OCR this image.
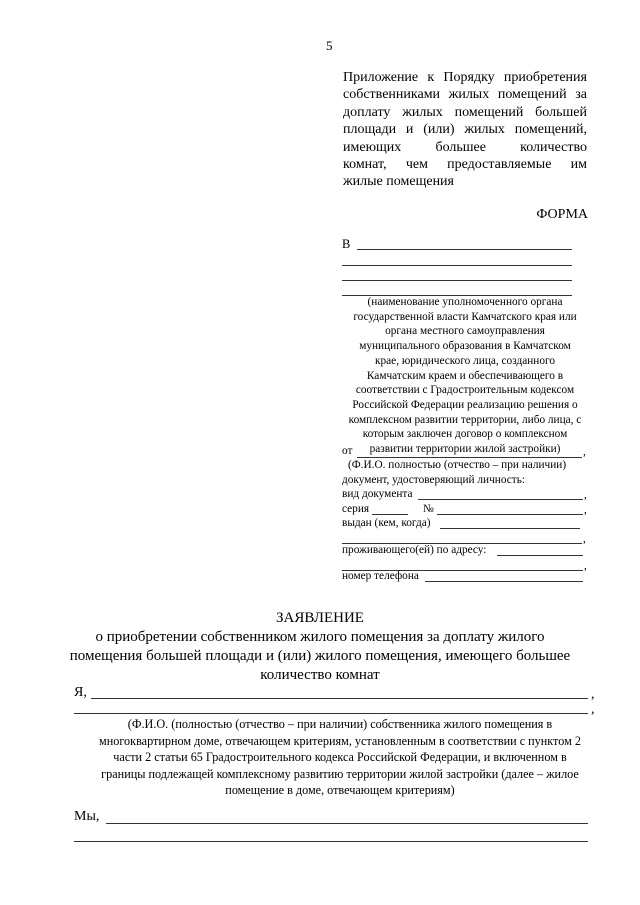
5
Приложение к Порядку приобретения
собственниками жилых помещений за
доплату жилых помещений большей
площади и (или) жилых помещений,
имеющих большее количество
комнат, чем предоставляемые им
жилые помещения
ФОРМА
В
(наименование уполномоченного органа
государственной власти Камчатского края или
органа местного самоуправления
муниципального образования в Камчатском
крае, юридического лица, созданного
Камчатским краем и обеспечивающего в
соответствии с Градостроительным кодексом
Российской Федерации реализацию решения о
комплексном развитии территории, либо лица, с
которым заключен договор о комплексном
развитии территории жилой застройки)
от	,
(Ф.И.О. полностью (отчество – при наличии)
документ, удостоверяющий личность:
вид документа	,
серия	№	,
выдан (кем, когда)
,
проживающего(ей) по адресу:
,
номер телефона
ЗАЯВЛЕНИЕ
о приобретении собственником жилого помещения за доплату жилого
помещения большей площади и (или) жилого помещения, имеющего большее
количество комнат
Я,	,
,
(Ф.И.О. (полностью (отчество – при наличии) собственника жилого помещения в
многоквартирном доме, отвечающем критериям, установленным в соответствии с пунктом 2
части 2 статьи 65 Градостроительного кодекса Российской Федерации, и включенном в
границы подлежащей комплексному развитию территории жилой застройки (далее – жилое
помещение в доме, отвечающем критериям)
Мы,
